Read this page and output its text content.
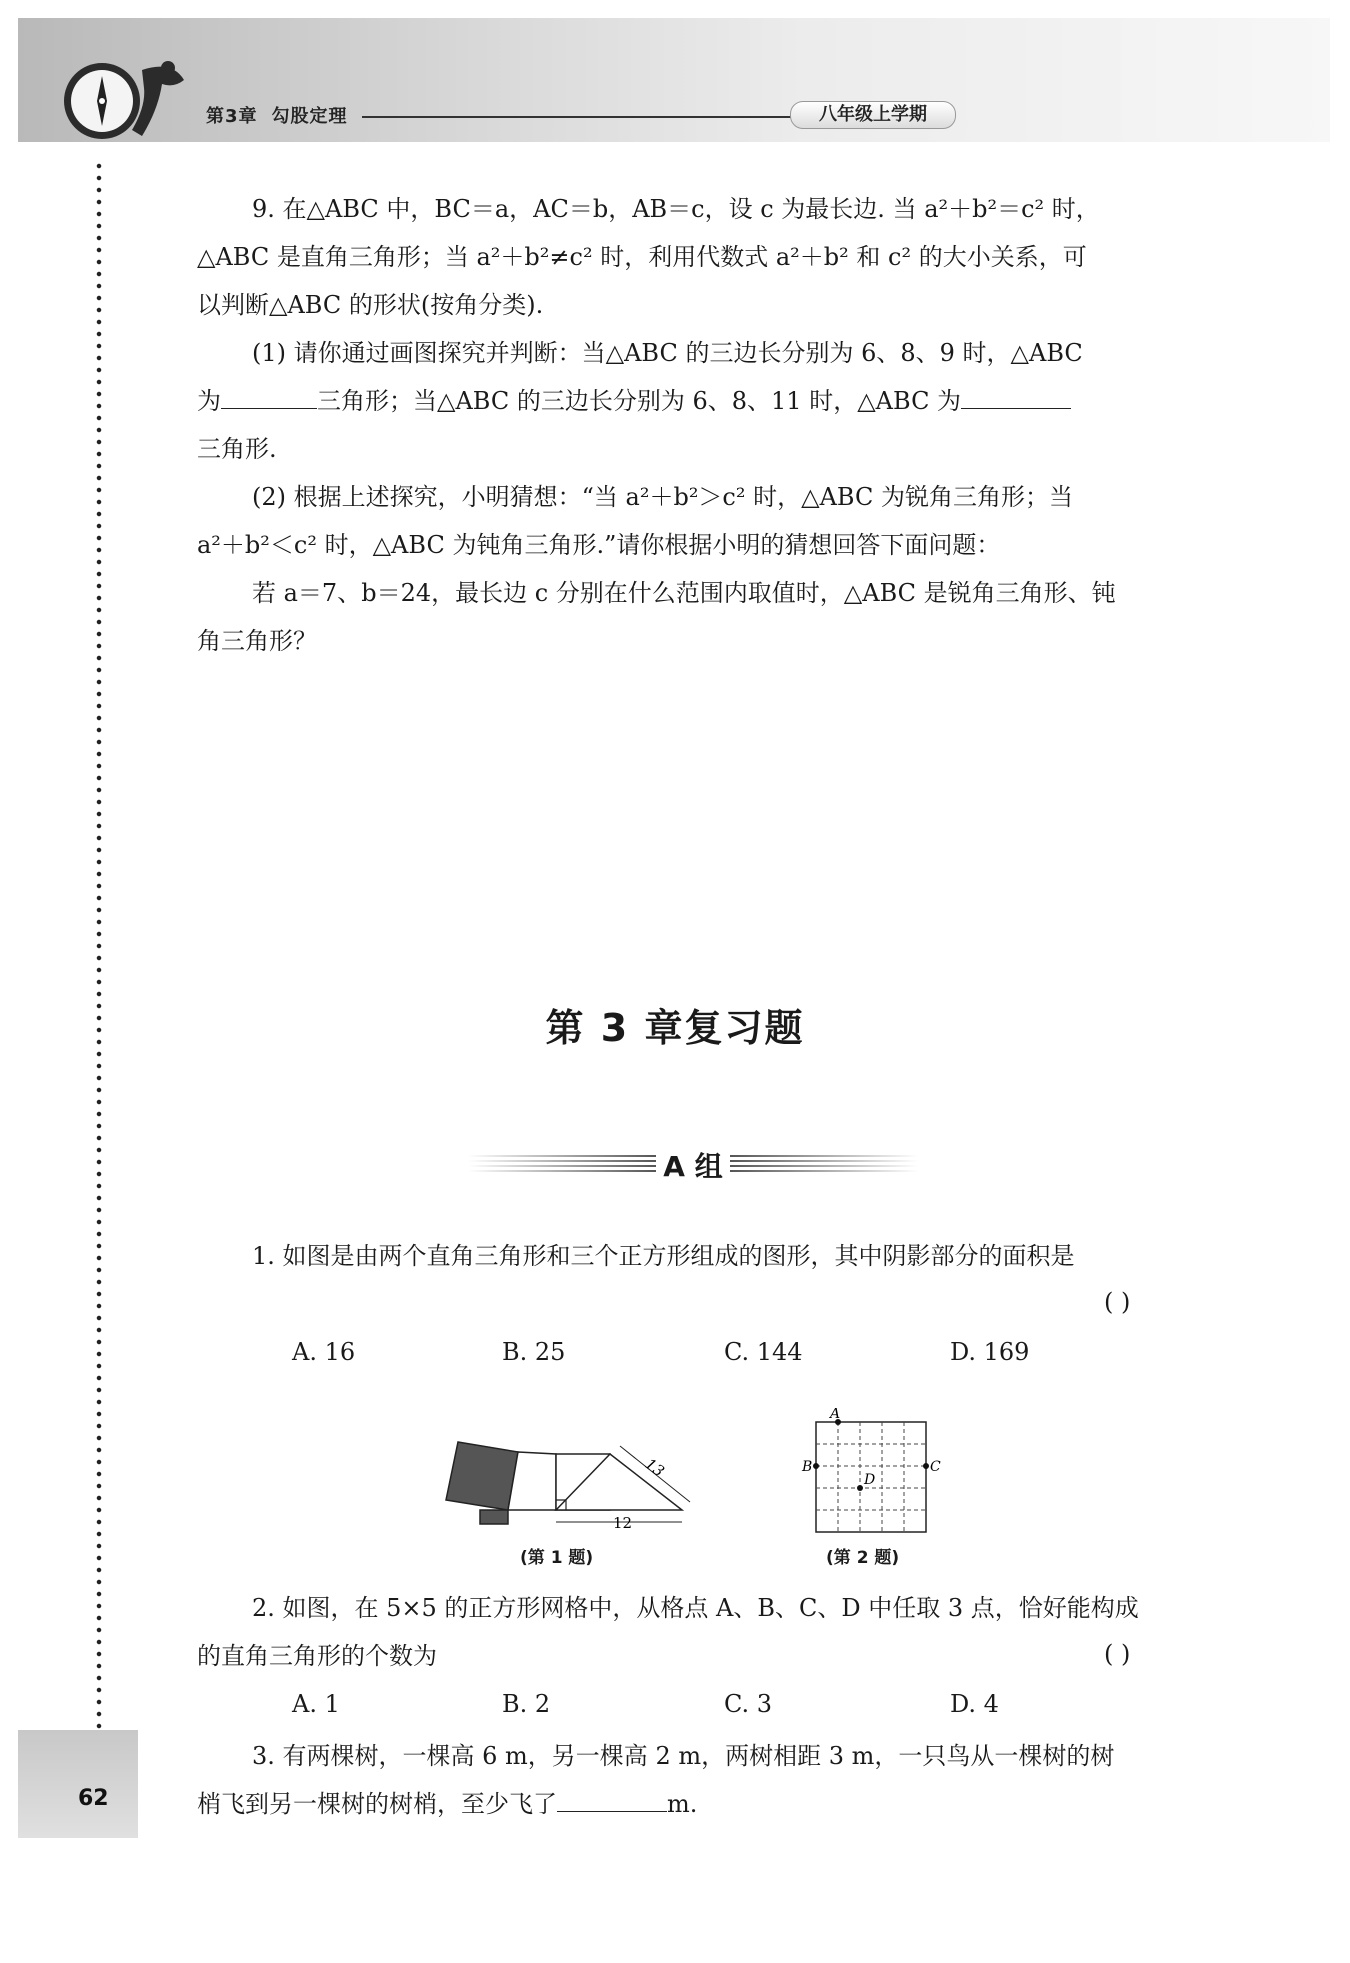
第3章 勾股定理	八年级上学期
62
9. 在△ABC 中，BC＝a，AC＝b，AB＝c，设 c 为最长边. 当 a²＋b²＝c² 时，
△ABC 是直角三角形；当 a²＋b²≠c² 时，利用代数式 a²＋b² 和 c² 的大小关系，可
以判断△ABC 的形状(按角分类).
(1) 请你通过画图探究并判断：当△ABC 的三边长分别为 6、8、9 时，△ABC
为	三角形；当△ABC 的三边长分别为 6、8、11 时，△ABC 为
三角形.
(2) 根据上述探究，小明猜想：“当 a²＋b²＞c² 时，△ABC 为锐角三角形；当
a²＋b²＜c² 时，△ABC 为钝角三角形.”请你根据小明的猜想回答下面问题：
若 a＝7、b＝24，最长边 c 分别在什么范围内取值时，△ABC 是锐角三角形、钝
角三角形？
第 3 章复习题
A 组
1. 如图是由两个直角三角形和三个正方形组成的图形，其中阴影部分的面积是
( )
A. 16	B. 25	C. 144	D. 169
13
12
(第 1 题)
A
B	C
D
(第 2 题)
2. 如图，在 5×5 的正方形网格中，从格点 A、B、C、D 中任取 3 点，恰好能构成
的直角三角形的个数为	( )
A. 1	B. 2	C. 3	D. 4
3. 有两棵树，一棵高 6 m，另一棵高 2 m，两树相距 3 m，一只鸟从一棵树的树
梢飞到另一棵树的树梢，至少飞了	m.
